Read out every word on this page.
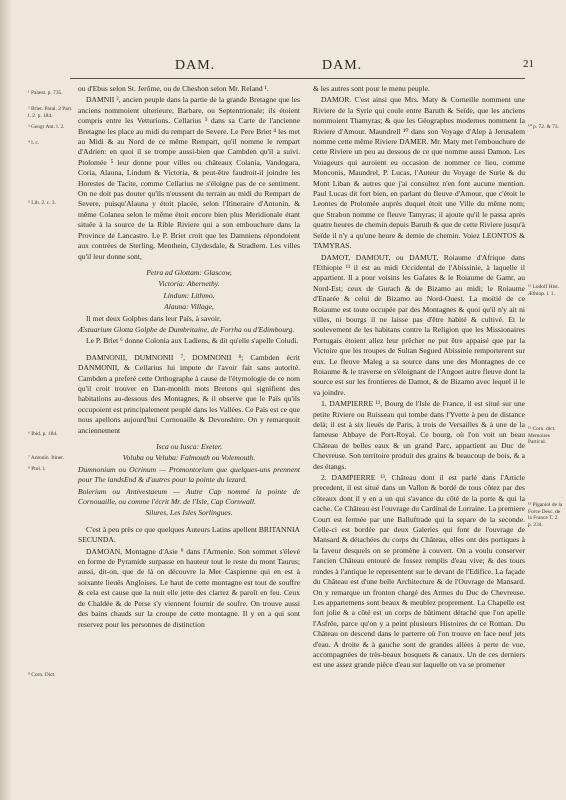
DAM.	DAM.	21
¹ Palæst. p. 735.
² Briet. Paral. 2 Part. l. 2. p. 184.
³ Geogr Ant. l. 2.
⁴ l. c.
⁵ Lib. 2. c. 3.
⁶ Ibid. p. 184.
⁷ Antonin. Itiner.
⁸ Ptol. l.
⁹ Corn. Dict.
¹⁰ p. 72. & 73.
¹¹ Ludolf Hist. Æthiop. l. 1.
¹² Corn. dict. Memoires Particul.
¹³ Piganiol de la Force Desc. de la France T. 2. p. 234.

ou d'Ebus selon St. Jerôme, ou de Cheshon selon Mr. Reland ¹.

DAMNII ², ancien peuple dans la partie de la grande Bretagne que les anciens nommoient ulterieure, Barbare, ou Septentrionale; ils étoient compris entre les Vetturions. Cellarius ³ dans sa Carte de l'ancienne Bretagne les place au midi du rempart de Severe. Le Pere Briet ⁴ les met au Midi & au Nord de ce même Rempart, qu'il nomme le rempart d'Adrien: en quoi il se trompe aussi-bien que Cambden qu'il a suivi. Ptolomée ⁵ leur donne pour villes ou châteaux Colania, Vandogara, Coria, Alauna, Lindum & Victoria, & peut-être faudroit-il joindre les Horestes de Tacite, comme Cellarius ne s'éloigne pas de ce sentiment. On ne doit pas douter qu'ils n'eussent du terrain au midi du Rempart de Severe, puisqu'Alauna y étoit placée, selon l'Itineraire d'Antonin, & même Colanea selon le même étoit encore bien plus Meridionale étant située à la source de la Rible Riviere qui a son embouchure dans la Province de Lancastre. Le P. Briet croit que les Damniens répondoient aux contrées de Sterling, Menthein, Clydesdale, & Stradlern. Les villes qu'il leur donne sont,

Petra ad Glottam: Glascow,

Victoria: Abernethy.

Lindum: Lithmo.

Alauna: Village,

Il met deux Golphes dans leur Païs, à savoir,

Æstuarium Glotta Golphe de Dumbritaine, de Forrha ou d'Edimbourg.

Le P. Briet ⁶ donne Colonia aux Ladiens, & dit qu'elle s'apelle Coludi.

DAMNONII, DUMNONII ⁷, DOMNONII ⁸; Cambden écrit DANMONII, & Cellarius lui impute de l'avoir fait sans autorité. Cambden a preferé cette Orthographe à cause de l'étymologie de ce nom qu'il croit trouver en Dan-monith mots Bretons qui signifient des habitations au-dessous des Montagnes, & il observe que le Païs qu'ils occupoient est principalement peuplé dans les Vallées. Ce Païs est ce que nous apellons aujourd'hui Cornouaille & Devonshire. On y remarquoit anciennement

Isca ou Iusca: Exeter,

Voluba ou Veluba: Falmouth ou Volemouth.

Dumnonium ou Ocrinum — Promontorium que quelques-uns prennent pour The landsEnd & d'autres pour la pointe du lezard.

Bolerium ou Antivestaeum — Autre Cap nommé la pointe de Cornouaille, ou comme l'écrit Mr. de l'Isle, Cap Cornwall.

Silures, Les Isles Sorlingues.

C'est à peu près ce que quelques Auteurs Latins apellent BRITANNIA SECUNDA.

DAMOAN, Montagne d'Asie ⁹ dans l'Armenie. Son sommet s'élevé en forme de Pyramide surpasse en hauteur tout le reste du mont Taurus; aussi, dit-on, que de là on découvre la Mer Caspienne qui en est à soixante lieuës Angloises. Le haut de cette montagne est tout de souffre & cela est cause que la nuit elle jette des clartez & paroît en feu. Ceux de Chaldée & de Perse s'y viennent fournir de soufre. On trouve aussi des bains chauds sur la croupe de cette montagne. Il y en a qui sont reservez pour les personnes de distinction

& les autres sont pour le menu peuple.

DAMOR. C'est ainsi que Mrs. Maty & Corneille nomment une Riviere de la Syrie qui coule entre Baruth & Seïde, que les anciens nommoient Thamyras; & que les Géographes modernes nomment la Riviere d'Amour. Maundrell ¹⁰ dans son Voyage d'Alep à Jerusalem nomme cette même Riviere DAMER. Mr. Maty met l'embouchure de cette Riviere un peu au dessous de ce que nomme aussi Damon. Les Voiageurs qui auroient eu occasion de nommer ce lieu, comme Monconis, Maundrel, P. Lucas, l'Auteur du Voyage de Surie & du Mont Liban & autres que j'ai consultez n'en font aucune mention. Paul Lucas dit fort bien, en parlant du fleuve d'Amour, que c'étoit le Leontes de Ptolomée auprès duquel étoit une Ville du même nom; que Strabon nomme ce fleuve Tamyras; il ajoute qu'il le passa après quatre heures de chemin depuis Baruth & que de cette Riviere jusqu'à Seïde il n'y a qu'une heure & demie de chemin. Voiez LEONTOS & TAMYRAS.

DAMOT, DAMOUT, ou DAMUT, Roiaume d'Afrique dans l'Ethiopie ¹¹ il est au midi Occidental de l'Abissinie, à laquelle il appartient. Il a pour voisins les Gafates & le Roiaume de Gamr, au Nord-Est; ceux de Gurach & de Bizamo au midi; le Roiaume d'Enarée & celui de Bizamo au Nord-Ouest. La moitié de ce Roiaume est toute occupée par des Montagnes & quoi qu'il n'y ait ni villes, ni bourgs il ne laisse pas d'être habité & cultivé. Et le soulevement de les habitans contre la Religion que les Missionaires Portugais étoient allez leur prêcher ne put être appaisé que par la Victoire que les troupes de Sultan Segued Abissinie remporterent sur eux. Le fleuve Maleg a sa source dans une des Montagnes de ce Roiaume & le traverse en s'éloignant de l'Angoet autre fleuve dont la source est sur les frontieres de Damot, & de Bizamo avec lequel il le va joindre.

1. DAMPIERRE ¹², Bourg de l'Isle de France, il est situé sur une petite Riviere ou Ruisseau qui tombe dans l'Yvette à peu de distance delà; il est à six lieuës de Paris, à trois de Versailles & à une de la fameuse Abbaye de Port-Royal. Ce bourg, où l'on voit un beau Château de belles eaux & un grand Parc, appartient au Duc de Chevreuse. Son territoire produit des grains & beaucoup de bois, & a des étangs.

2. DAMPIERRE ¹³, Château dont il est parlé dans l'Article precedent, il est situé dans un Vallon & bordé de tous côtez par des côteaux dont il y en a un qui s'avance du côté de la porte & qui la cache. Ce Château est l'ouvrage du Cardinal de Lorraine. La premiere Court est fermée par une Balluftrade qui la separe de la seconde. Celle-ci est bordée par deux Galeries qui font de l'ouvrage de Mansard & détachées du corps du Château, elles ont des portiques à la faveur desquels on se promène à couvert. On a voulu conserver l'ancien Château entouré de fossez remplis d'eau vive; & des tours rondes à l'antique le representent sur le devant de l'Edifice. La façade du Château est d'une belle Architecture & de l'Ouvrage de Mansard. On y remarque un fronton chargé des Armes du Duc de Chevreuse. Les appartemens sont beaux & meublez proprement. La Chapelle est fort jolie & a côté est un corps de bâtiment détaché que l'on apelle l'Asfrée, parce qu'on y a peint plusieurs Histoires de ce Roman. Du Château on descend dans le parterre où l'on trouve en face neuf jets d'eau. A droite & à gauche sont de grandes allées à perte de vue, accompagnées de très-beaux bosquets & canaux. Un de ces derniers est une assez grande pièce d'eau sur laquelle on va se promener
